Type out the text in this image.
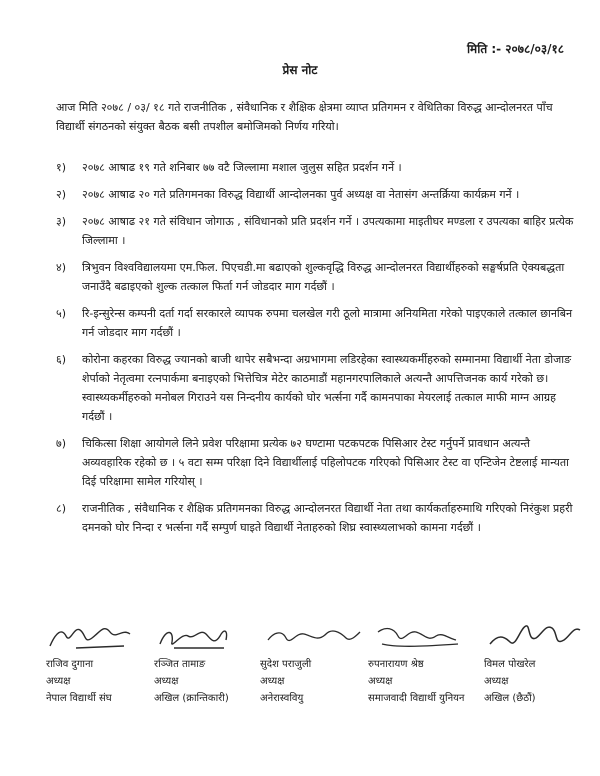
मिति :- २०७८/०३/१८
प्रेस नोट

आज मिति २०७८ / ०३/ १८ गते राजनीतिक , संवैधानिक र शैक्षिक क्षेत्रमा व्याप्त प्रतिगमन र वेथितिका विरुद्ध आन्दोलनरत पाँच विद्यार्थी संगठनको संयुक्त बैठक बसी तपशील बमोजिमको निर्णय गरियो।

१)	२०७८ आषाढ १९ गते शनिबार ७७ वटै जिल्लामा मशाल जुलुस सहित प्रदर्शन गर्ने ।
२)	२०७८ आषाढ २० गते प्रतिगमनका विरुद्ध विद्यार्थी आन्दोलनका पुर्व अध्यक्ष वा नेतासंग अन्तर्क्रिया कार्यक्रम गर्ने ।
३)	२०७८ आषाढ २१ गते संविधान जोगाऊ , संविधानको प्रति प्रदर्शन गर्ने । उपत्यकामा माइतीघर मण्डला र उपत्यका बाहिर प्रत्येक जिल्लामा ।
४)	त्रिभुवन विश्वविद्यालयमा एम.फिल. पिएचडी.मा बढाएको शुल्कवृद्धि विरुद्ध आन्दोलनरत विद्यार्थीहरुको सङ्घर्षप्रति ऐक्यबद्धता जनाउँदै बढाइएको शुल्क तत्काल फिर्ता गर्न जोडदार माग गर्दछौं ।
५)	रि-इन्सुरेन्स कम्पनी दर्ता गर्दा सरकारले व्यापक रुपमा चलखेल गरी ठूलो मात्रामा अनियमिता गरेको पाइएकाले तत्काल छानबिन गर्न जोडदार माग गर्दछौं ।
६)	कोरोना कहरका विरुद्ध ज्यानको बाजी थापेर सबैभन्दा अग्रभागमा लडिरहेका स्वास्थ्यकर्मीहरुको सम्मानमा विद्यार्थी नेता डोजाङ शेर्पाको नेतृत्वमा रत्नपार्कमा बनाइएको भित्तेचित्र मेटेर काठमाडौं महानगरपालिकाले अत्यन्तै आपत्तिजनक कार्य गरेको छ। स्वास्थ्यकर्मीहरुको मनोबल गिराउने यस निन्दनीय कार्यको घोर भर्त्सना गर्दै कामनपाका मेयरलाई तत्काल माफी माग्न आग्रह गर्दछौं ।
७)	चिकित्सा शिक्षा आयोगले लिने प्रवेश परिक्षामा प्रत्येक ७२ घण्टामा पटकपटक पिसिआर टेस्ट गर्नुपर्ने प्रावधान अत्यन्तै अव्यवहारिक रहेको छ । ५ वटा सम्म परिक्षा दिने विद्यार्थीलाई पहिलोपटक गरिएको पिसिआर टेस्ट वा एन्टिजेन टेष्टलाई मान्यता दिई परिक्षामा सामेल गरियोस् ।
८)	राजनीतिक , संवैधानिक र शैक्षिक प्रतिगमनका विरुद्ध आन्दोलनरत विद्यार्थी नेता तथा कार्यकर्ताहरुमाथि गरिएको निरंकुश प्रहरी दमनको घोर निन्दा र भर्त्सना गर्दै सम्पुर्ण घाइते विद्यार्थी नेताहरुको शिघ्र स्वास्थ्यलाभको कामना गर्दछौं ।
राजिव दुगाना
अध्यक्ष
नेपाल विद्यार्थी संघ
रञ्जित तामाङ
अध्यक्ष
अखिल (क्रान्तिकारी)
सुदेश पराजुली
अध्यक्ष
अनेरास्ववियु
रुपनारायण श्रेष्ठ
अध्यक्ष
समाजवादी विद्यार्थी युनियन
विमल पोखरेल
अध्यक्ष
अखिल (छैठौं)
